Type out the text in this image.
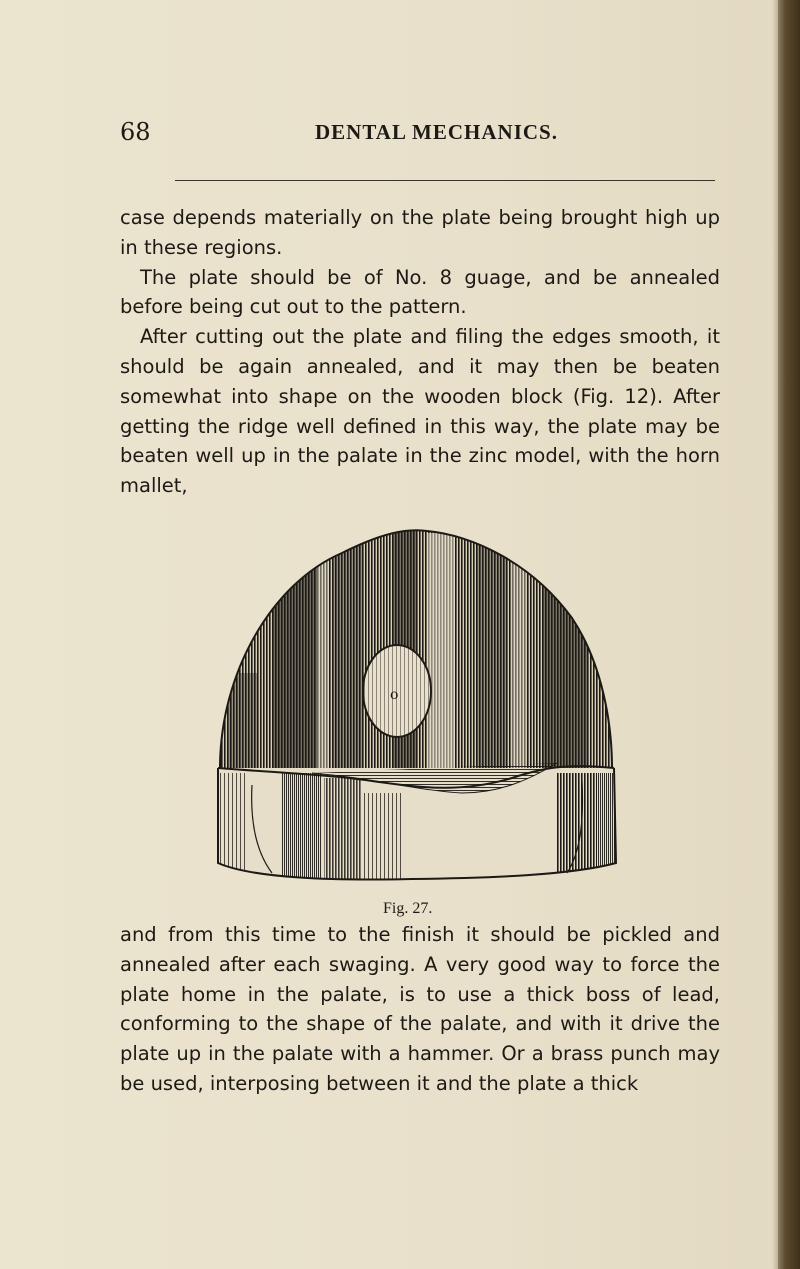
68	DENTAL MECHANICS.

case depends materially on the plate being brought high up in these regions.

The plate should be of No. 8 guage, and be annealed before being cut out to the pattern.

After cutting out the plate and filing the edges smooth, it should be again annealed, and it may then be beaten somewhat into shape on the wooden block (Fig. 12). After getting the ridge well defined in this way, the plate may be beaten well up in the palate in the zinc model, with the horn mallet,

o
Fig. 27.

and from this time to the finish it should be pickled and annealed after each swaging. A very good way to force the plate home in the palate, is to use a thick boss of lead, conforming to the shape of the palate, and with it drive the plate up in the palate with a hammer. Or a brass punch may be used, interposing between it and the plate a thick
